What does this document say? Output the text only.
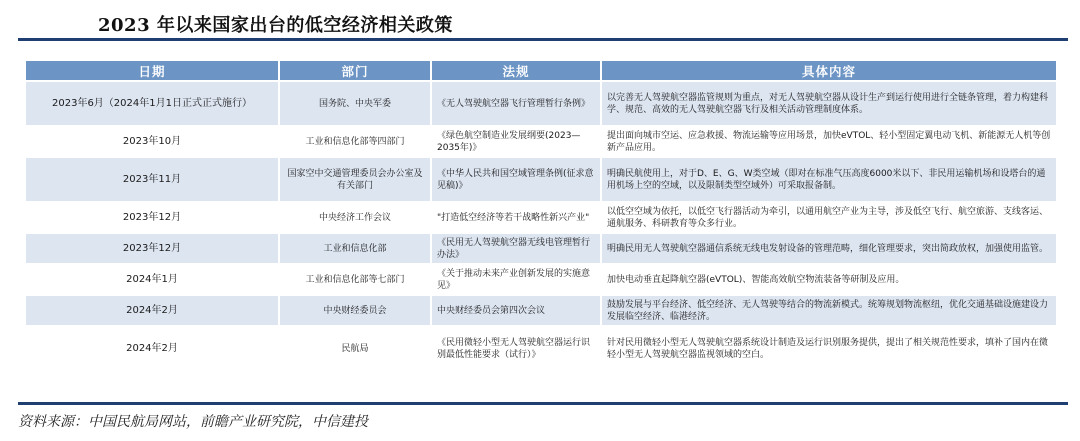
2023 年以来国家出台的低空经济相关政策
日期	部门	法规	具体内容
2023年6月（2024年1月1日正式正式施行）	国务院、中央军委	《无人驾驶航空器飞行管理暂行条例》	以完善无人驾驶航空器监管规则为重点，对无人驾驶航空器从设计生产到运行使用进行全链条管理，着力构建科学、规范、高效的无人驾驶航空器飞行及相关活动管理制度体系。
2023年10月	工业和信息化部等四部门	《绿色航空制造业发展纲要(2023—2035年)》	提出面向城市空运、应急救援、物流运输等应用场景，加快eVTOL、轻小型固定翼电动飞机、新能源无人机等创新产品应用。
2023年11月	国家空中交通管理委员会办公室及有关部门	《中华人民共和国空域管理条例(征求意见稿)》	明确民航使用上，对于D、E、G、W类空域（即对在标准气压高度6000米以下、非民用运输机场和设塔台的通用机场上空的空域，以及限制类型空域外）可采取报备制。
2023年12月	中央经济工作会议	"打造低空经济等若干战略性新兴产业"	以低空空域为依托，以低空飞行器活动为牵引，以通用航空产业为主导，涉及低空飞行、航空旅游、支线客运、通航服务、科研教育等众多行业。
2023年12月	工业和信息化部	《民用无人驾驶航空器无线电管理暂行办法》	明确民用无人驾驶航空器通信系统无线电发射设备的管理范畴，细化管理要求，突出简政放权，加强使用监管。
2024年1月	工业和信息化部等七部门	《关于推动未来产业创新发展的实施意见》	加快电动垂直起降航空器(eVTOL)、智能高效航空物流装备等研制及应用。
2024年2月	中央财经委员会	中央财经委员会第四次会议	鼓励发展与平台经济、低空经济、无人驾驶等结合的物流新模式。统筹规划物流枢纽，优化交通基础设施建设力发展临空经济、临港经济。
2024年2月	民航局	《民用微轻小型无人驾驶航空器运行识别最低性能要求（试行）》	针对民用微轻小型无人驾驶航空器系统设计制造及运行识别服务提供，提出了相关规范性要求，填补了国内在微轻小型无人驾驶航空器监视领域的空白。
资料来源：中国民航局网站，前瞻产业研究院，中信建投
